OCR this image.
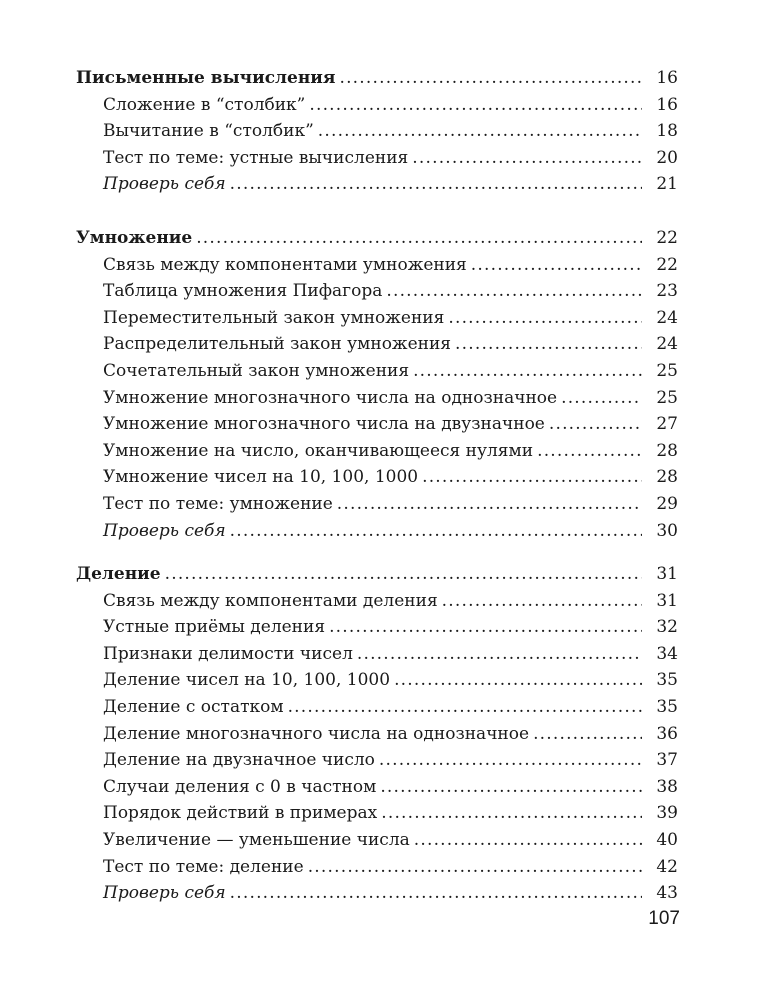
Письменные вычисления .....	16
Сложение в “столбик” .....	16
Вычитание в “столбик” .....	18
Тест по теме: устные вычисления .....	20
Проверь себя .....	21
Умножение .....	22
Связь между компонентами умножения .....	22
Таблица умножения Пифагора .....	23
Переместительный закон умножения .....	24
Распределительный закон умножения .....	24
Сочетательный закон умножения .....	25
Умножение многозначного числа на однозначное .....	25
Умножение многозначного числа на двузначное .....	27
Умножение на число, оканчивающееся нулями .....	28
Умножение чисел на 10, 100, 1000 .....	28
Тест по теме: умножение .....	29
Проверь себя .....	30
Деление .....	31
Связь между компонентами деления .....	31
Устные приёмы деления .....	32
Признаки делимости чисел .....	34
Деление чисел на 10, 100, 1000 .....	35
Деление с остатком .....	35
Деление многозначного числа на однозначное .....	36
Деление на двузначное число .....	37
Случаи деления с 0 в частном .....	38
Порядок действий в примерах .....	39
Увеличение — уменьшение числа .....	40
Тест по теме: деление .....	42
Проверь себя .....	43
107
